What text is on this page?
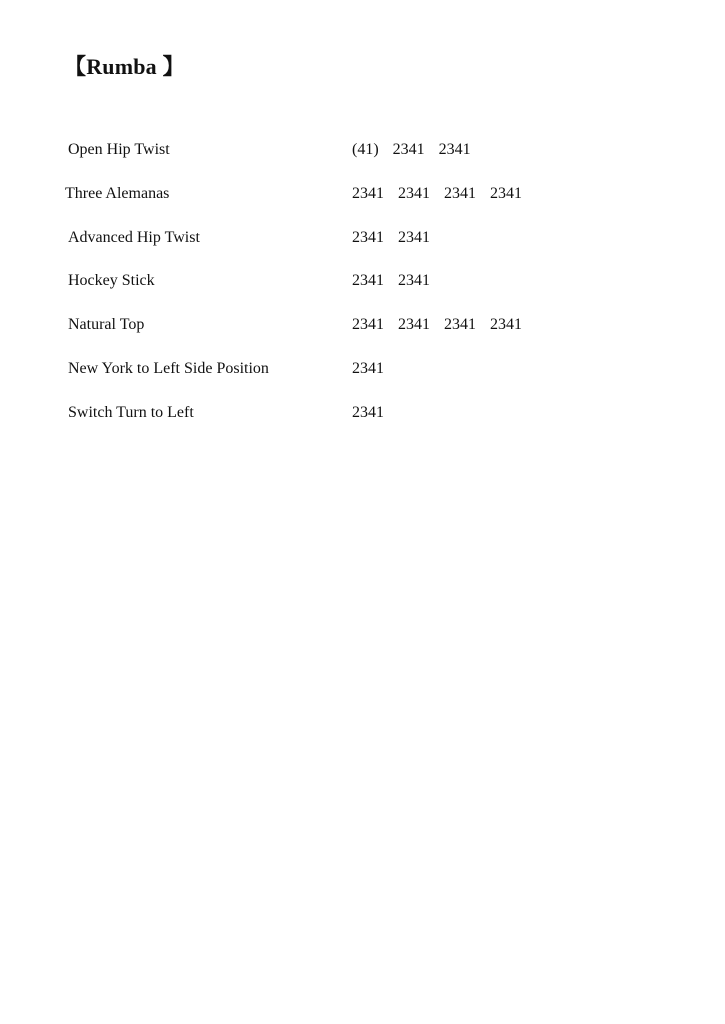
【Rumba 】
Open Hip Twist	(41) 2341 2341
Three Alemanas	2341 2341 2341 2341
Advanced Hip Twist	2341 2341
Hockey Stick	2341 2341
Natural Top	2341 2341 2341 2341
New York to Left Side Position	2341
Switch Turn to Left	2341
